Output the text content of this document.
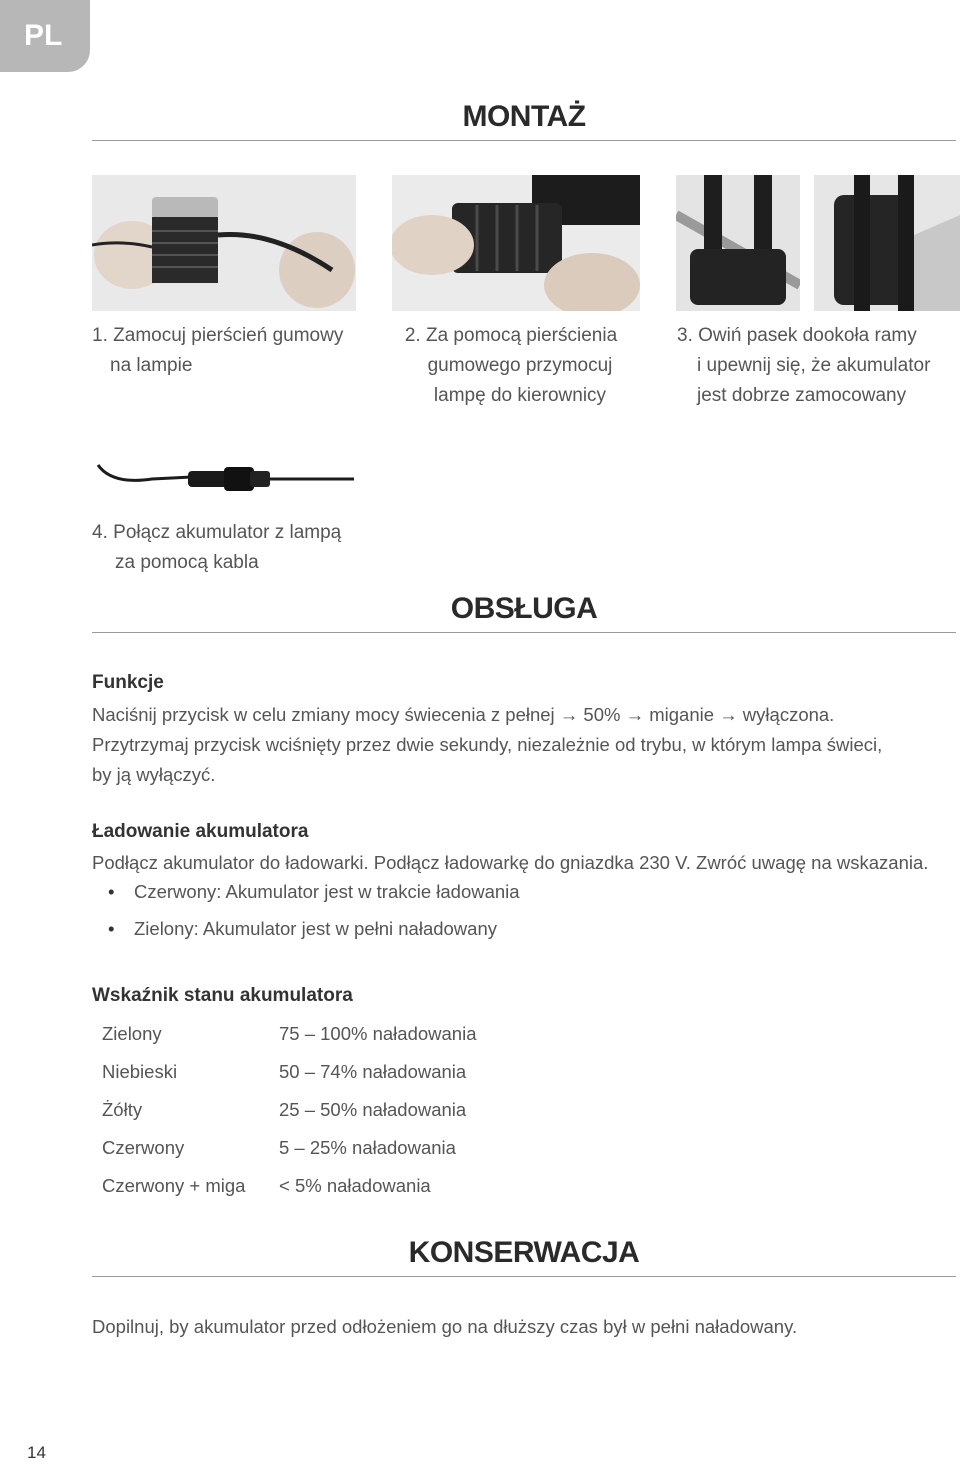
PL
MONTAŻ
1. Zamocuj pierścień gumowy
na lampie
2. Za pomocą pierścienia
gumowego przymocuj
lampę do kierownicy
3. Owiń pasek dookoła ramy
i upewnij się, że akumulator
jest dobrze zamocowany
4. Połącz akumulator z lampą
za pomocą kabla
OBSŁUGA
Funkcje
Naciśnij przycisk w celu zmiany mocy świecenia z pełnej → 50% → miganie → wyłączona.
Przytrzymaj przycisk wciśnięty przez dwie sekundy, niezależnie od trybu, w którym lampa świeci,
by ją wyłączyć.
Ładowanie akumulatora
Podłącz akumulator do ładowarki. Podłącz ładowarkę do gniazdka 230 V. Zwróć uwagę na wskazania.
• Czerwony: Akumulator jest w trakcie ładowania
• Zielony: Akumulator jest w pełni naładowany
Wskaźnik stanu akumulatora
Zielony	75 – 100% naładowania
Niebieski	50 – 74% naładowania
Żółty	25 – 50% naładowania
Czerwony	5 – 25% naładowania
Czerwony + miga < 5% naładowania
KONSERWACJA
Dopilnuj, by akumulator przed odłożeniem go na dłuższy czas był w pełni naładowany.
14
